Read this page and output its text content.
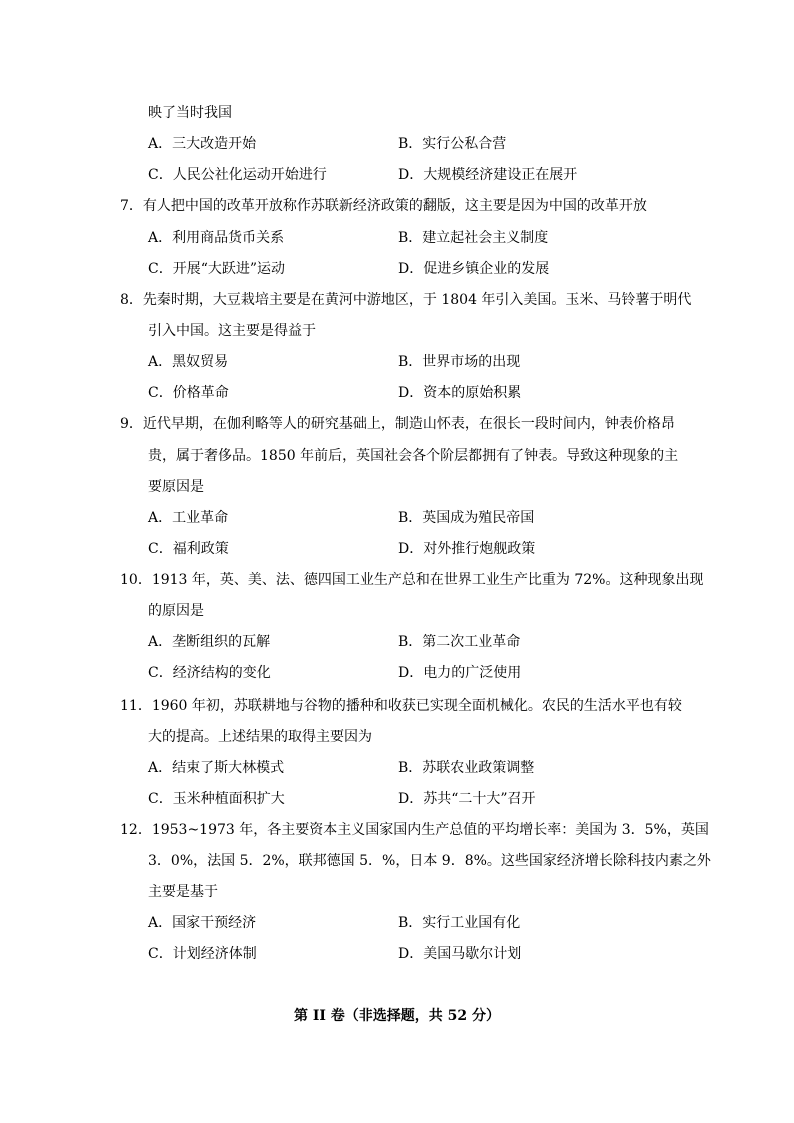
映了当时我国
A．三大改造开始	B．实行公私合营
C．人民公社化运动开始进行	D．大规模经济建设正在展开
7．有人把中国的改革开放称作苏联新经济政策的翻版，这主要是因为中国的改革开放
A．利用商品货币关系	B．建立起社会主义制度
C．开展“大跃进”运动	D．促进乡镇企业的发展
8．先秦时期，大豆栽培主要是在黄河中游地区，于 1804 年引入美国。玉米、马铃薯于明代
引入中国。这主要是得益于
A．黑奴贸易	B．世界市场的出现
C．价格革命	D．资本的原始积累
9．近代早期，在伽利略等人的研究基础上，制造山怀表，在很长一段时间内，钟表价格昂
贵，属于奢侈品。1850 年前后，英国社会各个阶层都拥有了钟表。导致这种现象的主
要原因是
A．工业革命	B．英国成为殖民帝国
C．福利政策	D．对外推行炮舰政策
10．1913 年，英、美、法、德四国工业生产总和在世界工业生产比重为 72%。这种现象出现
的原因是
A．垄断组织的瓦解	B．第二次工业革命
C．经济结构的变化	D．电力的广泛使用
11．1960 年初，苏联耕地与谷物的播种和收获已实现全面机械化。农民的生活水平也有较
大的提高。上述结果的取得主要因为
A．结束了斯大林模式	B．苏联农业政策调整
C．玉米种植面积扩大	D．苏共“二十大”召开
12．1953~1973 年，各主要资本主义国家国内生产总值的平均增长率：美国为 3．5%，英国
3．0%，法国 5．2%，联邦德国 5．%，日本 9．8%。这些国家经济增长除科技内素之外
主要是基于
A．国家干预经济	B．实行工业国有化
C．计划经济体制	D．美国马歇尔计划
第 II 卷（非选择题，共 52 分）
